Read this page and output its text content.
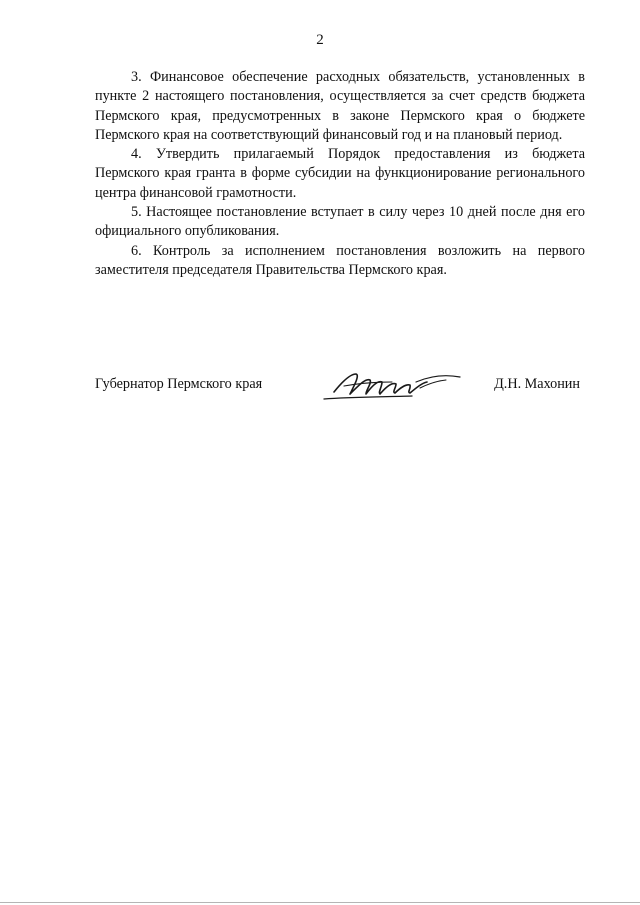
2

3. Финансовое обеспечение расходных обязательств, установленных в пункте 2 настоящего постановления, осуществляется за счет средств бюджета Пермского края, предусмотренных в законе Пермского края о бюджете Пермского края на соответствующий финансовый год и на плановый период.

4. Утвердить прилагаемый Порядок предоставления из бюджета Пермского края гранта в форме субсидии на функционирование регионального центра финансовой грамотности.

5. Настоящее постановление вступает в силу через 10 дней после дня его официального опубликования.

6. Контроль за исполнением постановления возложить на первого заместителя председателя Правительства Пермского края.

Губернатор Пермского края	Д.Н. Махонин
